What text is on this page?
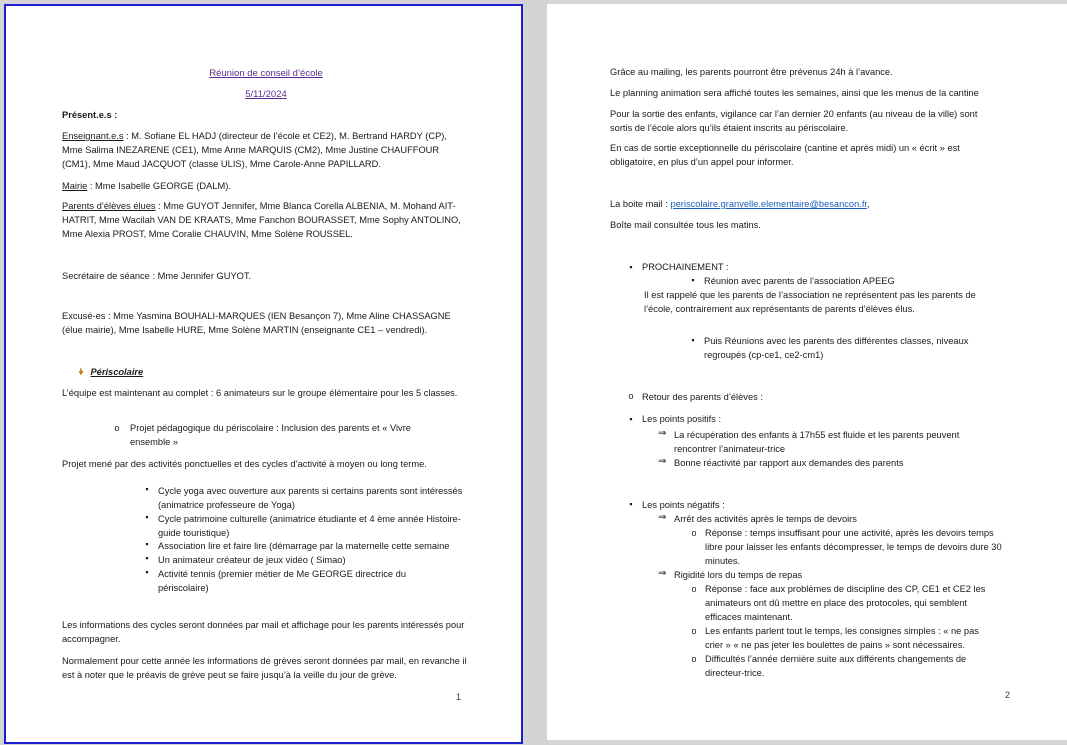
Réunion de conseil d’école
5/11/2024
Présent.e.s :
Enseignant.e.s : M. Sofiane EL HADJ (directeur de l’école et CE2), M. Bertrand HARDY (CP), Mme Salima INEZARENE (CE1), Mme Anne MARQUIS (CM2), Mme Justine CHAUFFOUR (CM1), Mme Maud JACQUOT (classe ULIS), Mme Carole-Anne PAPILLARD.
Mairie : Mme Isabelle GEORGE (DALM).
Parents d’élèves élues : Mme GUYOT Jennifer, Mme Blanca Corella ALBENIA, M. Mohand AIT-HATRIT, Mme Wacilah VAN DE KRAATS, Mme Fanchon BOURASSET, Mme Sophy ANTOLINO, Mme Alexia PROST, Mme Coralie CHAUVIN, Mme Solène ROUSSEL.
Secrétaire de séance : Mme Jennifer GUYOT.
Excusé-es : Mme Yasmina BOUHALI-MARQUES (IEN Besançon 7), Mme Aline CHASSAGNE (élue mairie), Mme Isabelle HURE, Mme Solène MARTIN (enseignante CE1 – vendredi).
🠟 Périscolaire
L’équipe est maintenant au complet : 6 animateurs sur le groupe élémentaire pour les 5 classes.
o Projet pédagogique du périscolaire : Inclusion des parents et « Vivre ensemble »
Projet mené par des activités ponctuelles et des cycles d’activité à moyen ou long terme.
▪	Cycle yoga avec ouverture aux parents si certains parents sont intéressés (animatrice professeure de Yoga)
▪	Cycle patrimoine culturelle (animatrice étudiante et 4 ème année Histoire- guide touristique)
▪	Association lire et faire lire (démarrage par la maternelle cette semaine
▪	Un animateur créateur de jeux vidéo ( Simao)
▪	Activité tennis (premier métier de Me GEORGE directrice du périscolaire)
Les informations des cycles seront données par mail et affichage pour les parents intéressés pour accompagner.
Normalement pour cette année les informations de grèves seront données par mail, en revanche il est à noter que le préavis de grève peut se faire jusqu’à la veille du jour de grève.
1
Grâce au mailing, les parents pourront être prévenus 24h à l’avance.
Le planning animation sera affiché toutes les semaines, ainsi que les menus de la cantine
Pour la sortie des enfants, vigilance car l’an dernier 20 enfants (au niveau de la ville) sont sortis de l’école alors qu’ils étaient inscrits au périscolaire.
En cas de sortie exceptionnelle du périscolaire (cantine et après midi) un « écrit » est obligatoire, en plus d’un appel pour informer.
La boite mail : periscolaire.granvelle.elementaire@besancon.fr,
Boîte mail consultée tous les matins.
▪	PROCHAINEMENT :
▪	Réunion avec parents de l’association APEEG
Il est rappelé que les parents de l’association ne représentent pas les parents de l’école, contrairement aux représentants de parents d’élèves élus.
▪	Puis Réunions avec les parents des différentes classes, niveaux regroupés (cp-ce1, ce2-cm1)
o Retour des parents d’élèves :
▪	Les points positifs :
⇒ La récupération des enfants à 17h55 est fluide et les parents peuvent rencontrer l’animateur-trice
⇒ Bonne réactivité par rapport aux demandes des parents
▪	Les points négatifs :
⇒ Arrêt des activités après le temps de devoirs
o Réponse : temps insuffisant pour une activité, après les devoirs temps libre pour laisser les enfants décompresser, le temps de devoirs dure 30 minutes.
⇒ Rigidité lors du temps de repas
o Réponse : face aux problèmes de discipline des CP, CE1 et CE2 les animateurs ont dû mettre en place des protocoles, qui semblent efficaces maintenant.
o Les enfants parlent tout le temps, les consignes simples : « ne pas crier » « ne pas jeter les boulettes de pains » sont nécessaires.
o Difficultés l’année dernière suite aux différents changements de directeur-trice.
2
